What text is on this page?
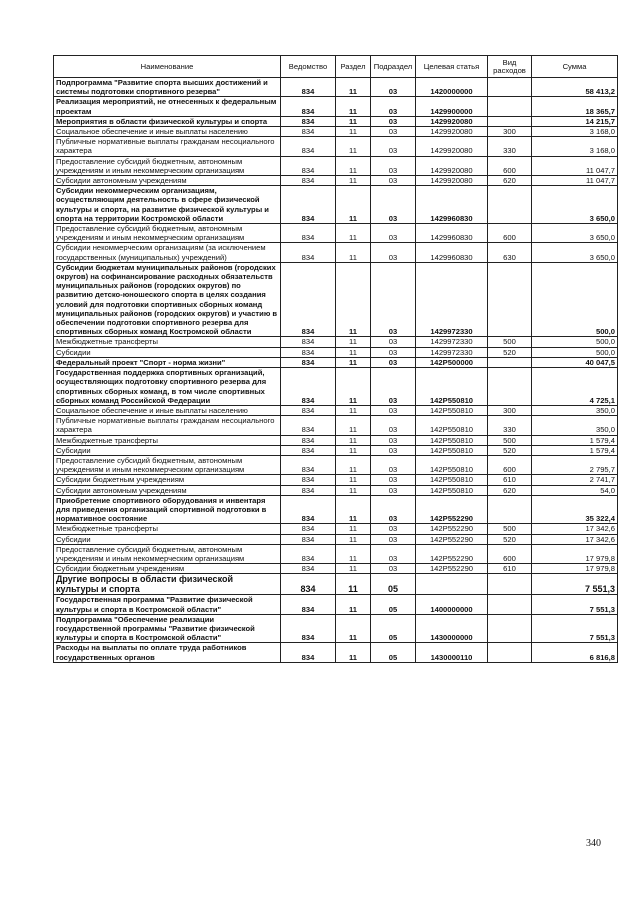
Наименование	Ведомство	Раздел	Подраздел	Целевая статья	Вид расходов	Сумма
Подпрограмма "Развитие спорта высших достижений и системы подготовки спортивного резерва"	834	11	03	1420000000		58 413,2
Реализация мероприятий, не отнесенных к федеральным проектам	834	11	03	1429900000		18 365,7
Мероприятия в области физической культуры и спорта	834	11	03	1429920080		14 215,7
Социальное обеспечение и иные выплаты населению	834	11	03	1429920080	300	3 168,0
Публичные нормативные выплаты гражданам несоциального характера	834	11	03	1429920080	330	3 168,0
Предоставление субсидий бюджетным, автономным учреждениям и иным некоммерческим организациям	834	11	03	1429920080	600	11 047,7
Субсидии автономным учреждениям	834	11	03	1429920080	620	11 047,7
Субсидии некоммерческим организациям, осуществляющим деятельность в сфере физической культуры и спорта, на развитие физической культуры и спорта на территории Костромской области	834	11	03	1429960830		3 650,0
Предоставление субсидий бюджетным, автономным учреждениям и иным некоммерческим организациям	834	11	03	1429960830	600	3 650,0
Субсидии некоммерческим организациям (за исключением государственных (муниципальных) учреждений)	834	11	03	1429960830	630	3 650,0
Субсидии бюджетам муниципальных районов (городских округов) на софинансирование расходных обязательств муниципальных районов (городских округов) по развитию детско-юношеского спорта в целях создания условий для подготовки спортивных сборных команд муниципальных районов (городских округов) и участию в обеспечении подготовки спортивного резерва для спортивных сборных команд Костромской области	834	11	03	1429972330		500,0
Межбюджетные трансферты	834	11	03	1429972330	500	500,0
Субсидии	834	11	03	1429972330	520	500,0
Федеральный проект "Спорт - норма жизни"	834	11	03	142P500000		40 047,5
Государственная поддержка спортивных организаций, осуществляющих подготовку спортивного резерва для спортивных сборных команд, в том числе спортивных сборных команд Российской Федерации	834	11	03	142P550810		4 725,1
Социальное обеспечение и иные выплаты населению	834	11	03	142P550810	300	350,0
Публичные нормативные выплаты гражданам несоциального характера	834	11	03	142P550810	330	350,0
Межбюджетные трансферты	834	11	03	142P550810	500	1 579,4
Субсидии	834	11	03	142P550810	520	1 579,4
Предоставление субсидий бюджетным, автономным учреждениям и иным некоммерческим организациям	834	11	03	142P550810	600	2 795,7
Субсидии бюджетным учреждениям	834	11	03	142P550810	610	2 741,7
Субсидии автономным учреждениям	834	11	03	142P550810	620	54,0
Приобретение спортивного оборудования и инвентаря для приведения организаций спортивной подготовки в нормативное состояние	834	11	03	142P552290		35 322,4
Межбюджетные трансферты	834	11	03	142P552290	500	17 342,6
Субсидии	834	11	03	142P552290	520	17 342,6
Предоставление субсидий бюджетным, автономным учреждениям и иным некоммерческим организациям	834	11	03	142P552290	600	17 979,8
Субсидии бюджетным учреждениям	834	11	03	142P552290	610	17 979,8
Другие вопросы в области физической культуры и спорта	834	11	05			7 551,3
Государственная программа "Развитие физической культуры и спорта в Костромской области"	834	11	05	1400000000		7 551,3
Подпрограмма "Обеспечение реализации государственной программы "Развитие физической культуры и спорта в Костромской области"	834	11	05	1430000000		7 551,3
Расходы на выплаты по оплате труда работников государственных органов	834	11	05	1430000110		6 816,8
340
